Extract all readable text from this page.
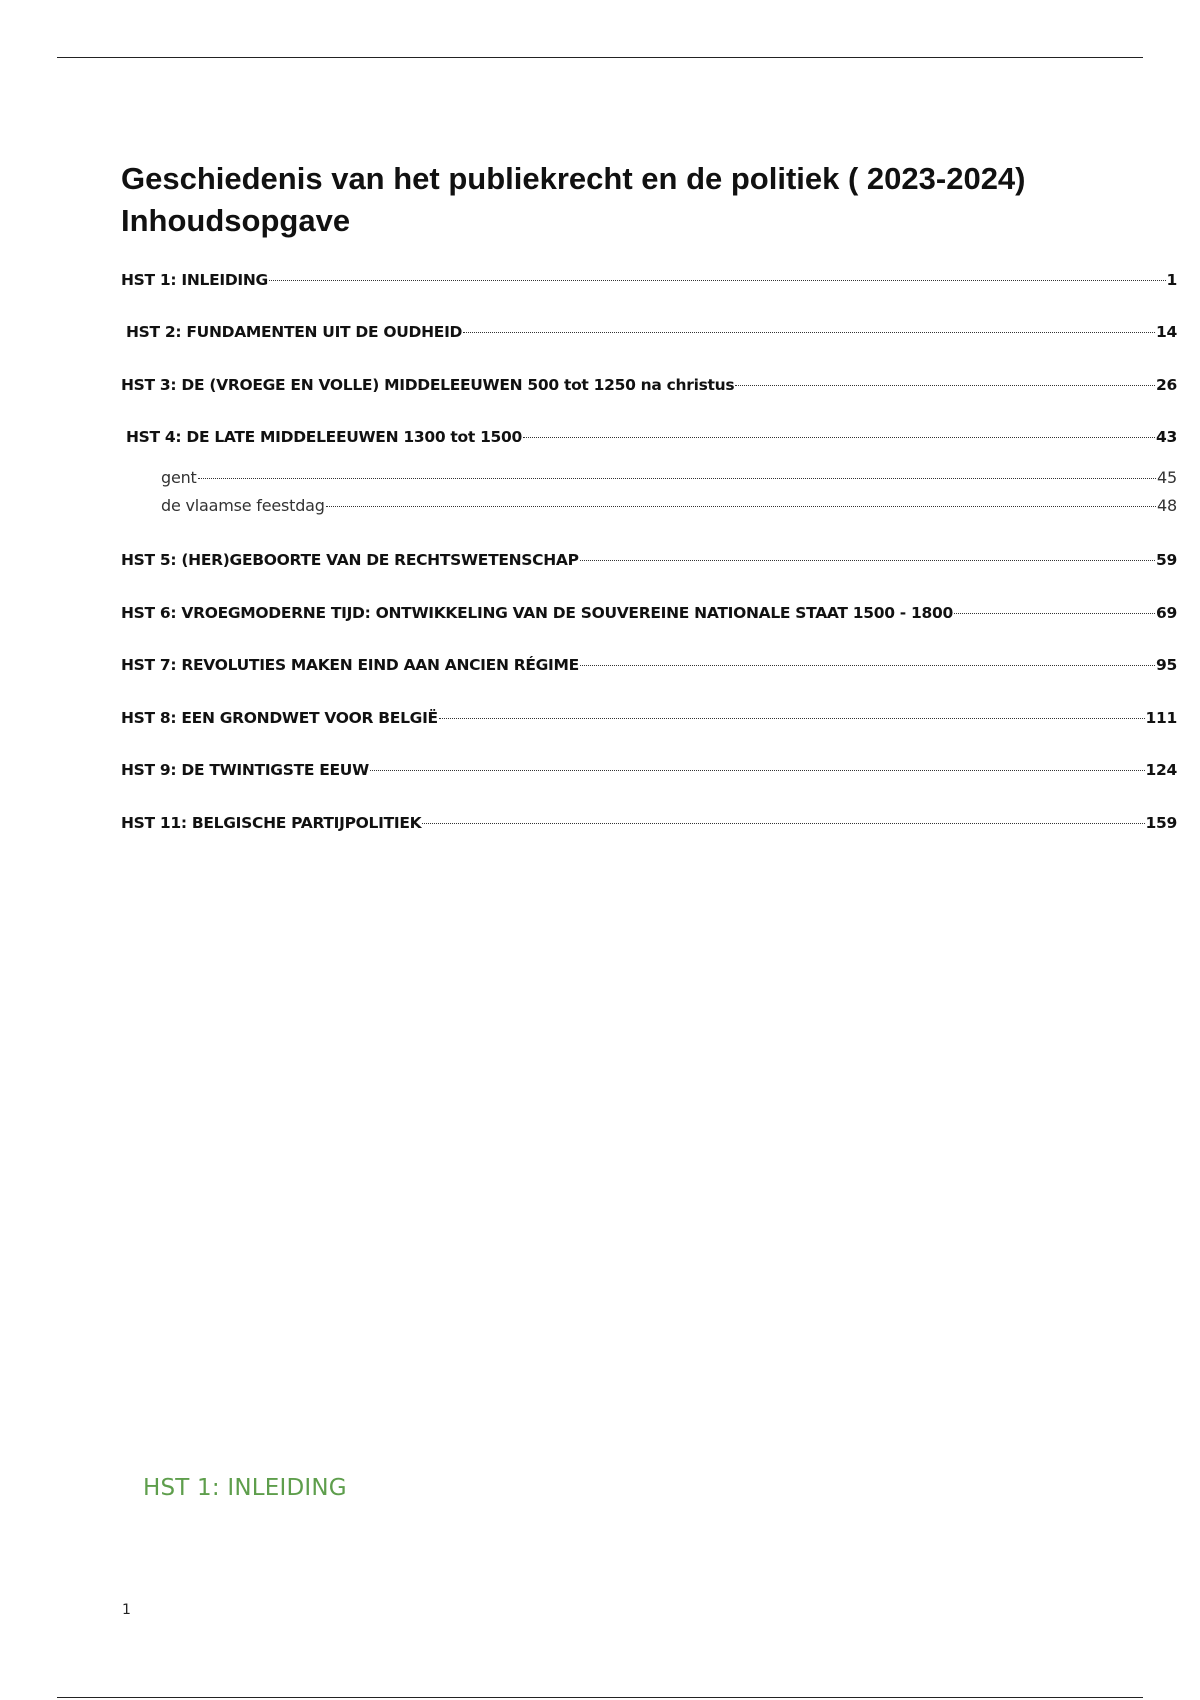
Geschiedenis van het publiekrecht en de politiek ( 2023-2024)
Inhoudsopgave
HST 1: INLEIDING	1
HST 2: FUNDAMENTEN UIT DE OUDHEID	14
HST 3: DE (VROEGE EN VOLLE) MIDDELEEUWEN 500 tot 1250 na christus	26
HST 4: DE LATE MIDDELEEUWEN 1300 tot 1500	43
gent	45
de vlaamse feestdag	48
HST 5: (HER)GEBOORTE VAN DE RECHTSWETENSCHAP	59
HST 6: VROEGMODERNE TIJD: ONTWIKKELING VAN DE SOUVEREINE NATIONALE STAAT 1500 - 1800	69
HST 7: REVOLUTIES MAKEN EIND AAN ANCIEN RÉGIME	95
HST 8: EEN GRONDWET VOOR BELGIË	111
HST 9: DE TWINTIGSTE EEUW	124
HST 11: BELGISCHE PARTIJPOLITIEK	159
HST 1: INLEIDING
1
